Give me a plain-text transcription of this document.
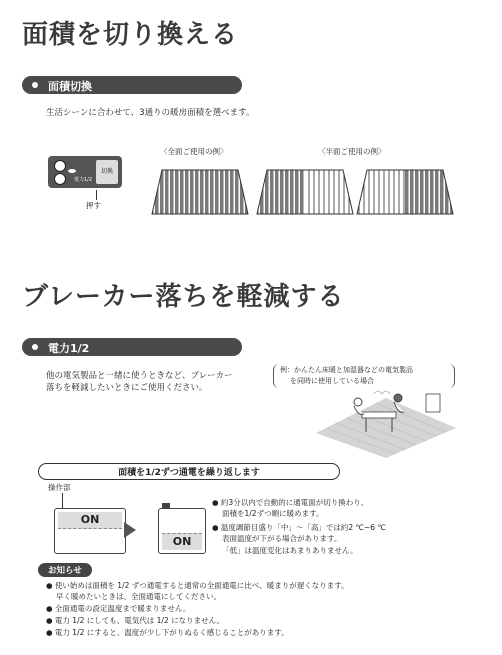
面積を切り換える
面積切換
生活シーンに合わせて、3通りの暖房面積を選べます。
電力1/2
切換
押す
〈全面ご使用の例〉	〈半面ご使用の例〉
ブレーカー落ちを軽減する
電力1/2
他の電気製品と一緒に使うときなど、ブレーカー
落ちを軽減したいときにご使用ください。
例：かんたん床暖と加湿器などの電気製品
を同時に使用している場合
面積を1/2ずつ通電を繰り返します
操作部
ON
ON
● 約3分以内で自動的に通電面が切り換わり、
面積を1/2ずつ順に暖めます。
● 温度調節目盛り「中」～「高」では約2 ℃~6 ℃
表面温度が下がる場合があります。
「低」は温度変化はあまりありません。
お知らせ
● 使い始めは面積を 1/2 ずつ通電すると通常の全面通電に比べ、暖まりが遅くなります。
早く暖めたいときは、全面通電にしてください。
● 全面通電の設定温度まで暖まりません。
● 電力 1/2 にしても、電気代は 1/2 になりません。
● 電力 1/2 にすると、温度が少し下がりぬるく感じることがあります。
